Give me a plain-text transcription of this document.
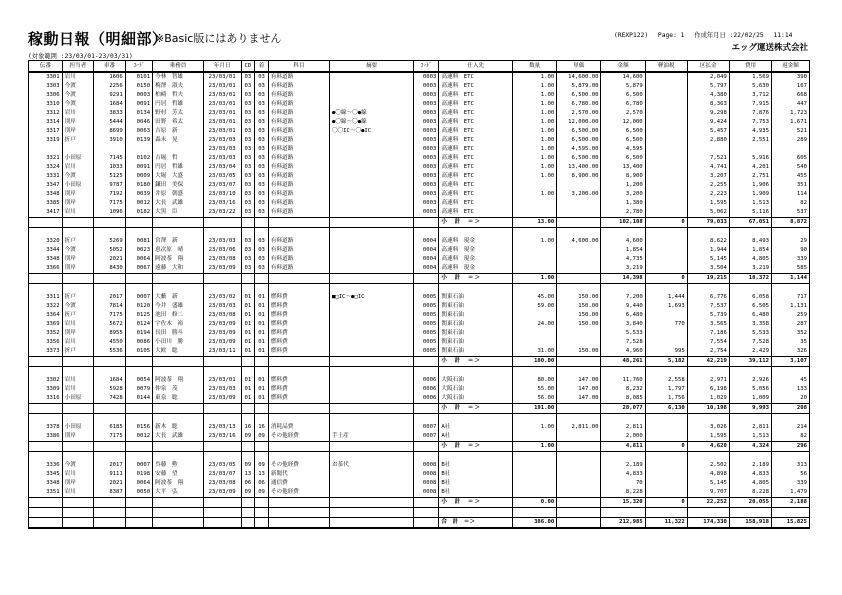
稼動日報（明細部）
※Basic版にはありません	(REXP122) Page: 1 作成年月日 :22/02/25 11:14
エッグ運送株式会社
(対象範囲 :23/03/01-23/03/31)
伝番	担当者	車番	ｺｰﾄﾞ	乗務員	年月日	CD	着	科目	摘要	ｺｰﾄﾞ	仕入先	数量	単価	金額	軽油税	区払金	費用	返金額
3301	岩川	1606	0101	今林　智雄	23/03/01	03	03	有料道路		0003	高速料　ETC	1.00	14,600.00	14,600		2,049	1,569	390
3303	今渡	2256	0150	梅澤　淑夫	23/03/01	03	03	有料道路		0003	高速料　ETC	1.00	5,879.00	5,879		5,797	5,630	167
3306	今渡	9291	0003	柏崎　哲夫	23/03/01	03	03	有料道路		0003	高速料　ETC	1.00	6,500.00	6,500		4,380	3,712	668
3310	今渡	1684	0091	円居　哲雄	23/03/01	03	03	有料道路		0003	高速料　ETC	1.00	6,780.00	6,780		8,363	7,915	447
3312	岩川	3833	0134	野村　芳太	23/03/01	03	03	有料道路	●〇線～〇●線	0003	高速料　ETC	1.00	2,570.00	2,570		9,298	7,876	1,723
3314	別岸	5444	0046	田野　希太	23/03/01	03	03	有料道路	●〇線～〇●線	0003	高速料　ETC	1.00	12,000.00	12,000		9,424	7,753	1,671
3317	別岸	8699	0063	吉原　新	23/03/01	03	03	有料道路	〇〇IC～〇●IC	0003	高速料　ETC	1.00	6,500.00	6,500		5,457	4,935	521
3319	折戸	3910	0139	森末　晃	23/03/03	03	03	有料道路		0003	高速料　ETC	1.00	6,500.00	6,500		2,880	2,551	289
					23/03/03	03	03	有料道路		0003	高速料　ETC	1.00	4,595.00	4,595				
3321	小田原	7145	0102	吉堀　哲	23/03/03	03	03	有料道路		0003	高速料　ETC	1.00	6,500.00	6,500		7,521	5,916	605
3324	岩川	1033	0091	円居　哲雄	23/03/04	03	03	有料道路		0003	高速料　ETC	1.00	13,400.00	13,400		4,741	4,201	540
3331	今渡	5125	0009	大堀　大盛	23/03/05	03	03	有料道路		0003	高速料　ETC	1.00	8,900.00	8,900		3,207	2,751	455
3347	小田原	9787	0180	鎌田　美保	23/03/07	03	03	有料道路		0003	高速料　ETC			1,200		2,255	1,906	351
3348	別岸	7192	0039	井原　朝盛	23/03/10	03	03	有料道路		0003	高速料　ETC	1.00	3,200.00	3,200		2,223	1,909	114
3385	別岸	7175	0012	大長　武雄	23/03/16	03	03	有料道路		0003	高速料　ETC			1,380		1,595	1,513	82
3417	岩川	1096	0182	大黒　臣	23/03/22	03	03	有料道路		0003	高速料　ETC			2,780		5,062	5,116	537
											小　計　＝＞	13.00		102,108	0	79,033	67,051	8,872

3320	折戸	5269	0081	宮澤　新	23/03/03	03	03	有料道路		0004	高速料　現金	1.00	4,600.00	4,600		8,622	8,493	29
3344	今渡	5052	0023	恵次原　晴	23/03/06	03	03	有料道路		0004	高速料　現金			1,854		1,944	1,854	90
3348	別岸	2021	0064	阿波茶　翔	23/03/08	03	03	有料道路		0004	高速料　現金			4,735		5,145	4,805	339
3366	別岸	8430	0067	遠藤　大和	23/03/09	03	03	有料道路		0004	高速料　現金			3,219		3,504	3,219	585
											小　計　＝＞	1.00		14,398	0	19,215	18,372	1,144

3311	折戸	2017	0007	大藪　新	23/03/02	01	01	燃料費	■□IC～●□IC	0005	関東石油	45.00	150.00	7,200	1,444	6,776	6,058	717
3322	今渡	7814	0120	今井　盛雄	23/03/03	01	01	燃料費		0005	関東石油	59.00	150.00	9,440	1,693	7,537	6,505	1,131
3364	折戸	7175	0125	池田　修二	23/03/08	01	01	燃料費		0005	関東石油		150.00	6,480		5,739	6,480	259
3369	岩川	5672	0124	宇佐木　裕	23/03/09	01	01	燃料費		0005	関東石油	24.00	150.00	3,840	770	3,565	3,358	287
3352	別岸	8955	0194	長田　勝斗	23/03/09	01	01	燃料費		0005	関東石油			5,533		7,186	5,533	352
3356	岩川	4550	0086	小田川　勝	23/03/09	01	01	燃料費		0005	関東石油			7,528		7,554	7,528	35
3373	折戸	5536	0105	大欧　聡	23/03/11	01	01	燃料費		0005	関東石油	31.00	150.00	4,960	995	2,754	2,429	326
											小　計　＝＞	180.00		48,261	5,182	42,219	39,112	3,107

3302	岩川	1684	0054	阿波茶　翔	23/03/01	01	01	燃料費		0006	大阪石油	80.00	147.00	11,760	2,558	2,971	2,926	45
3309	岩川	5928	0079	仲泉　茂	23/03/03	01	01	燃料費		0006	大阪石油	55.00	147.00	8,232	1,797	6,198	5,056	133
3316	小田原	7428	0144	東泉　聡	23/03/09	01	01	燃料費		0006	大阪石油	56.00	147.00	8,085	1,756	1,029	1,009	20
											小　計　＝＞	191.00		28,077	6,130	10,198	9,993	208

3378	小田原	6185	0156	新木　聡	23/03/13	16	16	消耗品費		0007	A社	1.00	2,811.00	2,811		3,026	2,811	214
3386	別岸	7175	0012	大長　武雄	23/03/16	09	09	その他経費	手土産	0007	A社			2,000		1,595	1,513	82
											小　計　＝＞	1.00		4,811	0	4,620	4,324	296

3336	今渡	2017	0007	呉藤　勲	23/03/05	09	09	その他経費	お茶代	0008	B社			2,189		2,502	2,189	313
3345	岩川	9111	0198	安藤　望	23/03/07	13	13	新聞代		0008	B社			4,833		4,898	4,833	56
3348	別岸	2021	0064	阿波茶　翔	23/03/08	06	06	通信費		0008	B社			70		5,145	4,805	339
3351	岩川	8387	0050	大平　弘	23/03/09	09	09	その他経費		0008	B社			8,228		9,707	8,228	1,479
											小　計　＝＞	0.00		15,320	0	22,252	20,055	2,188

											合　計　＝＞	386.00		212,985	11,322	174,330	158,918	15,825
